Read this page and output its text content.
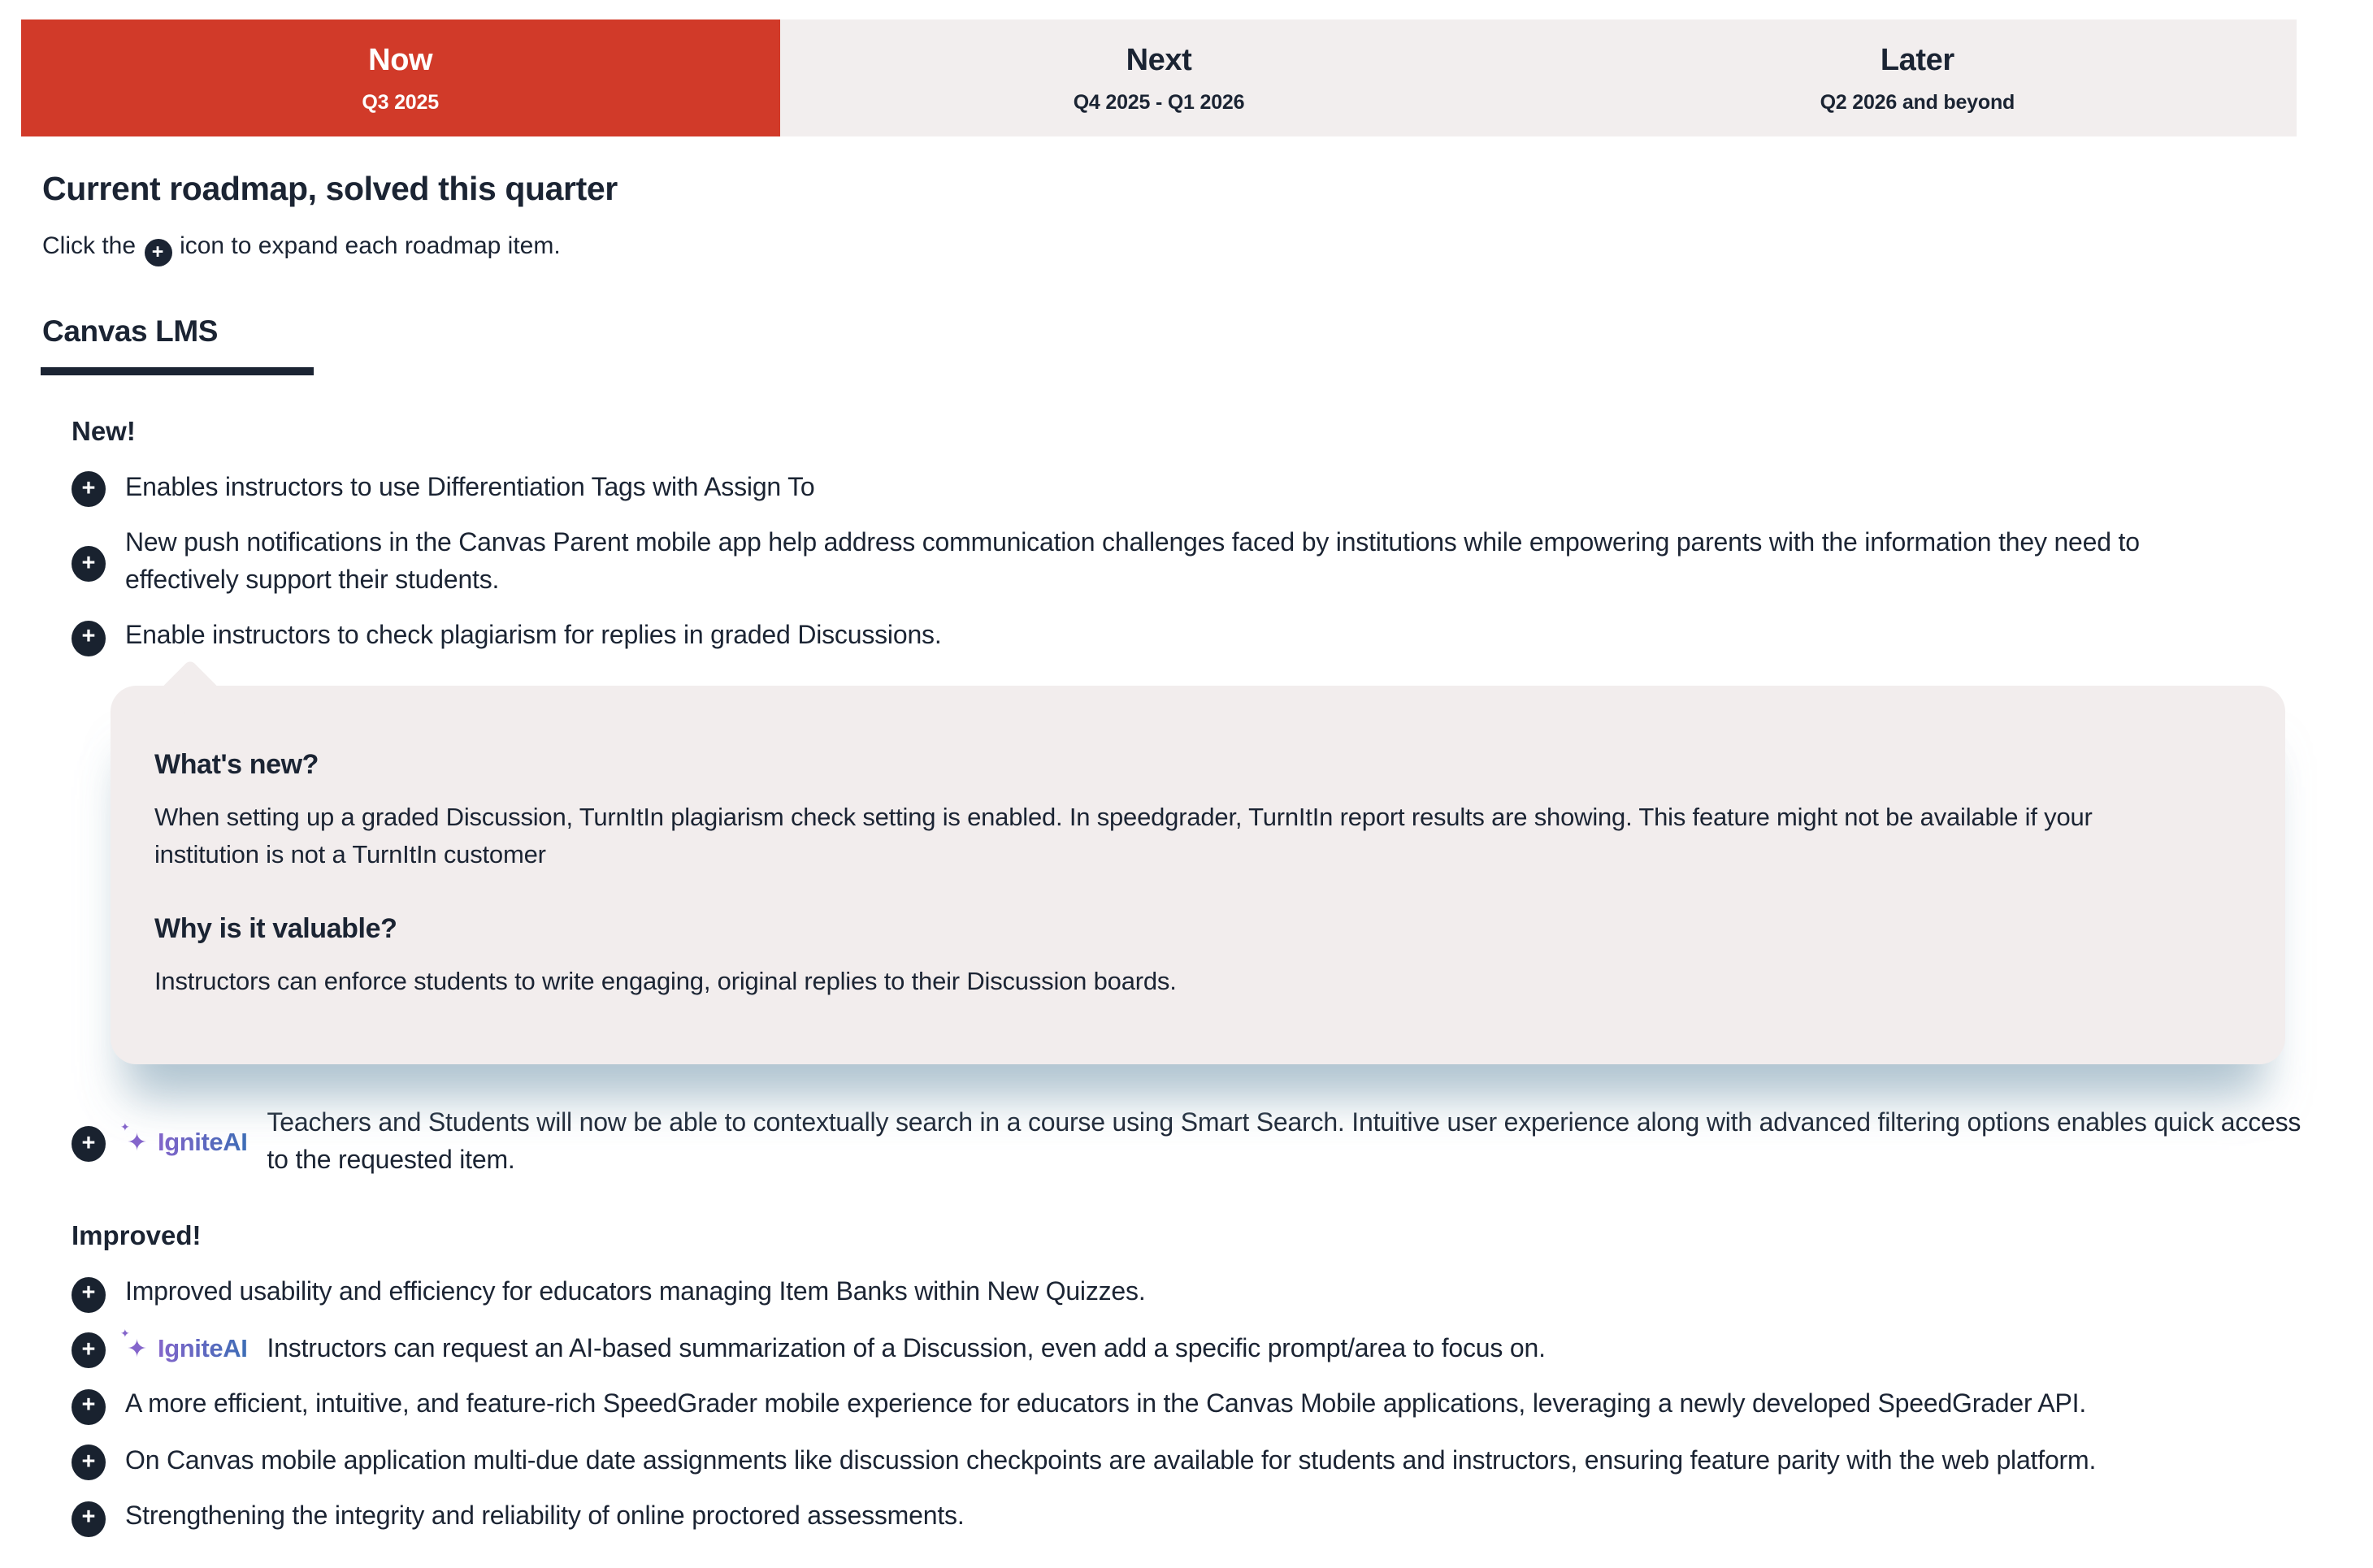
Now
Q3 2025
Next
Q4 2025 - Q1 2026
Later
Q2 2026 and beyond
Current roadmap, solved this quarter

Click the + icon to expand each roadmap item.

Canvas LMS
New!
+ Enables instructors to use Differentiation Tags with Assign To

+

New push notifications in the Canvas Parent mobile app help address communication challenges faced by institutions while empowering parents with the information they need to effectively support their students.

+ Enable instructors to check plagiarism for replies in graded Discussions.

What's new?

When setting up a graded Discussion, TurnItIn plagiarism check setting is enabled. In speedgrader, TurnItIn report results are showing. This feature might not be available if your institution is not a TurnItIn customer

Why is it valuable?

Instructors can enforce students to write engaging, original replies to their Discussion boards.

+	✦
✦
IgniteAI

Teachers and Students will now be able to contextually search in a course using Smart Search. Intuitive user experience along with advanced filtering options enables quick access to the requested item.

Improved!
+ Improved usability and efficiency for educators managing Item Banks within New Quizzes.

+	✦
✦
IgniteAI Instructors can request an AI-based summarization of a Discussion, even add a specific prompt/area to focus on.

+ A more efficient, intuitive, and feature-rich SpeedGrader mobile experience for educators in the Canvas Mobile applications, leveraging a newly developed SpeedGrader API.

+ On Canvas mobile application multi-due date assignments like discussion checkpoints are available for students and instructors, ensuring feature parity with the web platform.

+ Strengthening the integrity and reliability of online proctored assessments.
